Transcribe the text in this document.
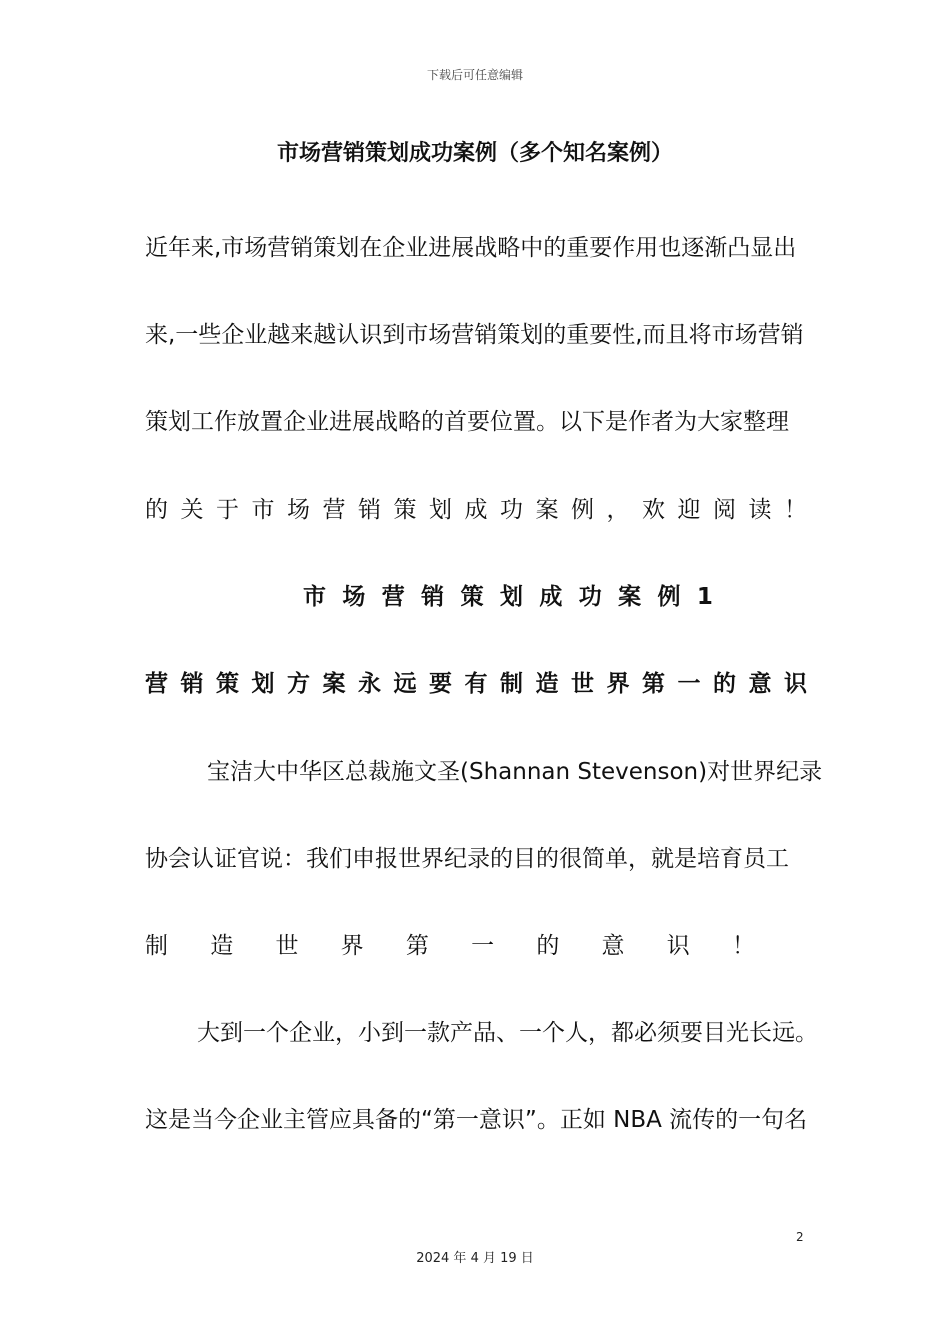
下载后可任意编辑
市场营销策划成功案例（多个知名案例）
近年来,市场营销策划在企业进展战略中的重要作用也逐渐凸显出
来,一些企业越来越认识到市场营销策划的重要性,而且将市场营销
策划工作放置企业进展战略的首要位置。以下是作者为大家整理
的 关 于 市 场 营 销 策 划 成 功 案 例 ， 欢 迎 阅 读 ！
市 场 营 销 策 划 成 功 案 例 1
营 销 策 划 方 案 永 远 要 有 制 造 世 界 第 一 的 意 识
宝洁大中华区总裁施文圣(Shannan Stevenson)对世界纪录
协会认证官说：我们申报世界纪录的目的很简单，就是培育员工
制 造 世 界 第 一 的 意 识 ！
大到一个企业，小到一款产品、一个人，都必须要目光长远。
这是当今企业主管应具备的“第一意识”。正如 NBA 流传的一句名
2
2024 年 4 月 19 日
